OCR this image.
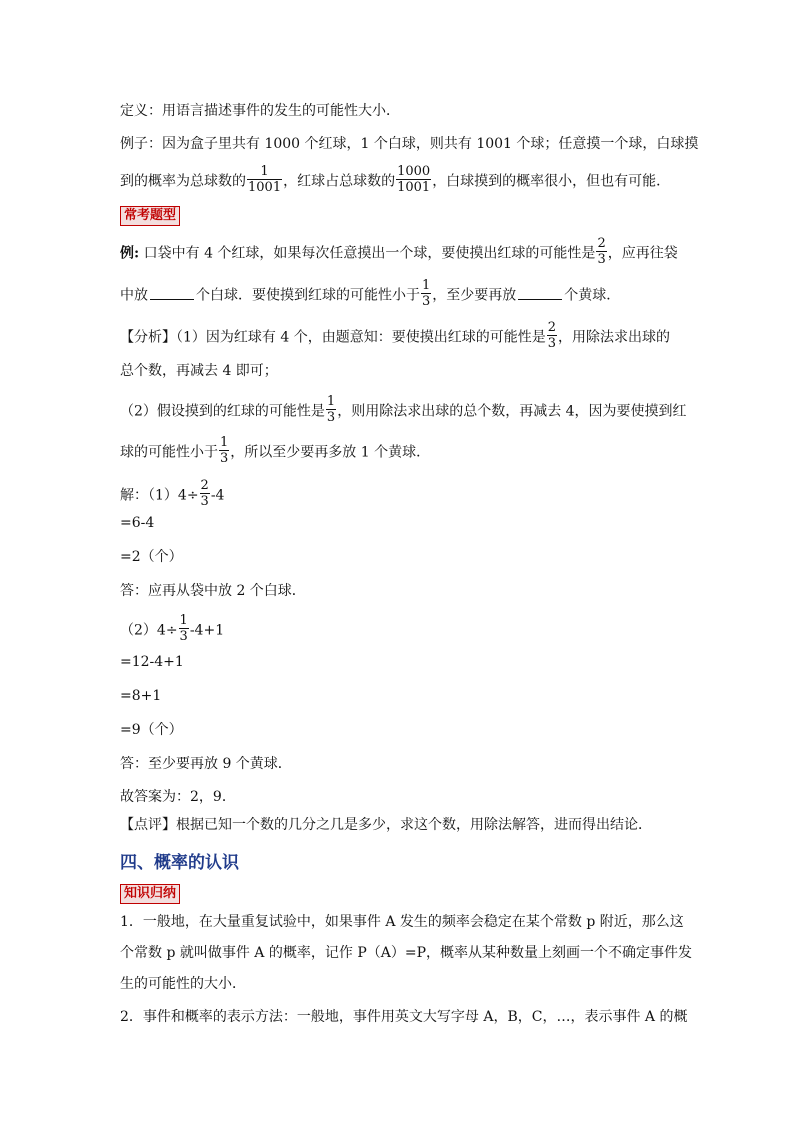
定义：用语言描述事件的发生的可能性大小．
例子：因为盒子里共有 1000 个红球，1 个白球，则共有 1001 个球；任意摸一个球，白球摸
到的概率为总球数的 $\frac{1}{1001}$ ，红球占总球数的 $\frac{1000}{1001}$ ，白球摸到的概率很小，但也有可能．
常考题型
例: 口袋中有 4 个红球，如果每次任意摸出一个球，要使摸出红球的可能性是 $\frac{2}{3}$ ，应再往袋
中放	个白球．要使摸到红球的可能性小于 $\frac{1}{3}$ ，至少要再放	个黄球．
【分析】（1）因为红球有 4 个，由题意知：要使摸出红球的可能性是 $\frac{2}{3}$ ，用除法求出球的
总个数，再减去 4 即可；
（2）假设摸到的红球的可能性是 $\frac{1}{3}$ ，则用除法求出球的总个数，再减去 4，因为要使摸到红
球的可能性小于 $\frac{1}{3}$ ，所以至少要再多放 1 个黄球．
解：$(1)4\div \frac{2}{3} -4$
=6-4
=2（个）
答：应再从袋中放 2 个白球．
$(2)4\div \frac{1}{3} -4+1$
=12-4+1
=8+1
=9（个）
答：至少要再放 9 个黄球．
故答案为：2，9．
【点评】根据已知一个数的几分之几是多少，求这个数，用除法解答，进而得出结论．
四、概率的认识
知识归纳
1．一般地，在大量重复试验中，如果事件 A 发生的频率会稳定在某个常数 p 附近，那么这
个常数 p 就叫做事件 A 的概率，记作 P（A）=P，概率从某种数量上刻画一个不确定事件发
生的可能性的大小．
2．事件和概率的表示方法：一般地，事件用英文大写字母 A，B，C，…，表示事件 A 的概
